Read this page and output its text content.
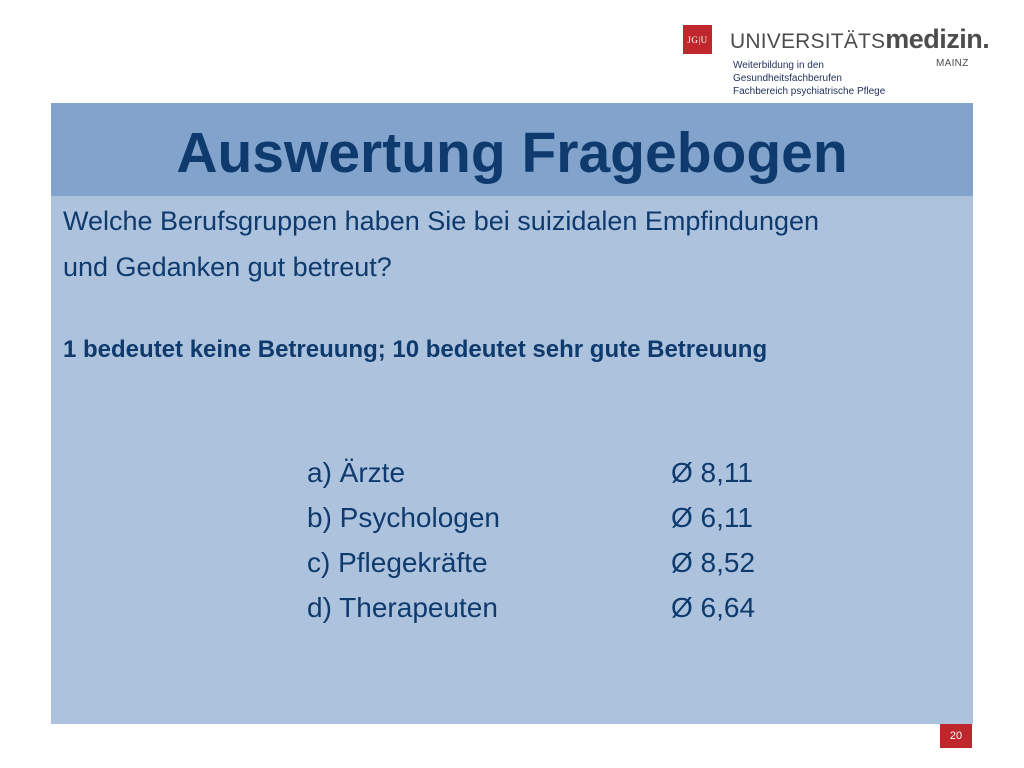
JG|U UNIVERSITÄTSmedizin.
MAINZ
Weiterbildung in den
Gesundheitsfachberufen
Fachbereich psychiatrische Pflege
Auswertung Fragebogen
Welche Berufsgruppen haben Sie bei suizidalen Empfindungen
und Gedanken gut betreut?
1 bedeutet keine Betreuung; 10 bedeutet sehr gute Betreuung
a) Ärzte	Ø 8,11
b) Psychologen	Ø 6,11
c) Pflegekräfte	Ø 8,52
d) Therapeuten	Ø 6,64
20
